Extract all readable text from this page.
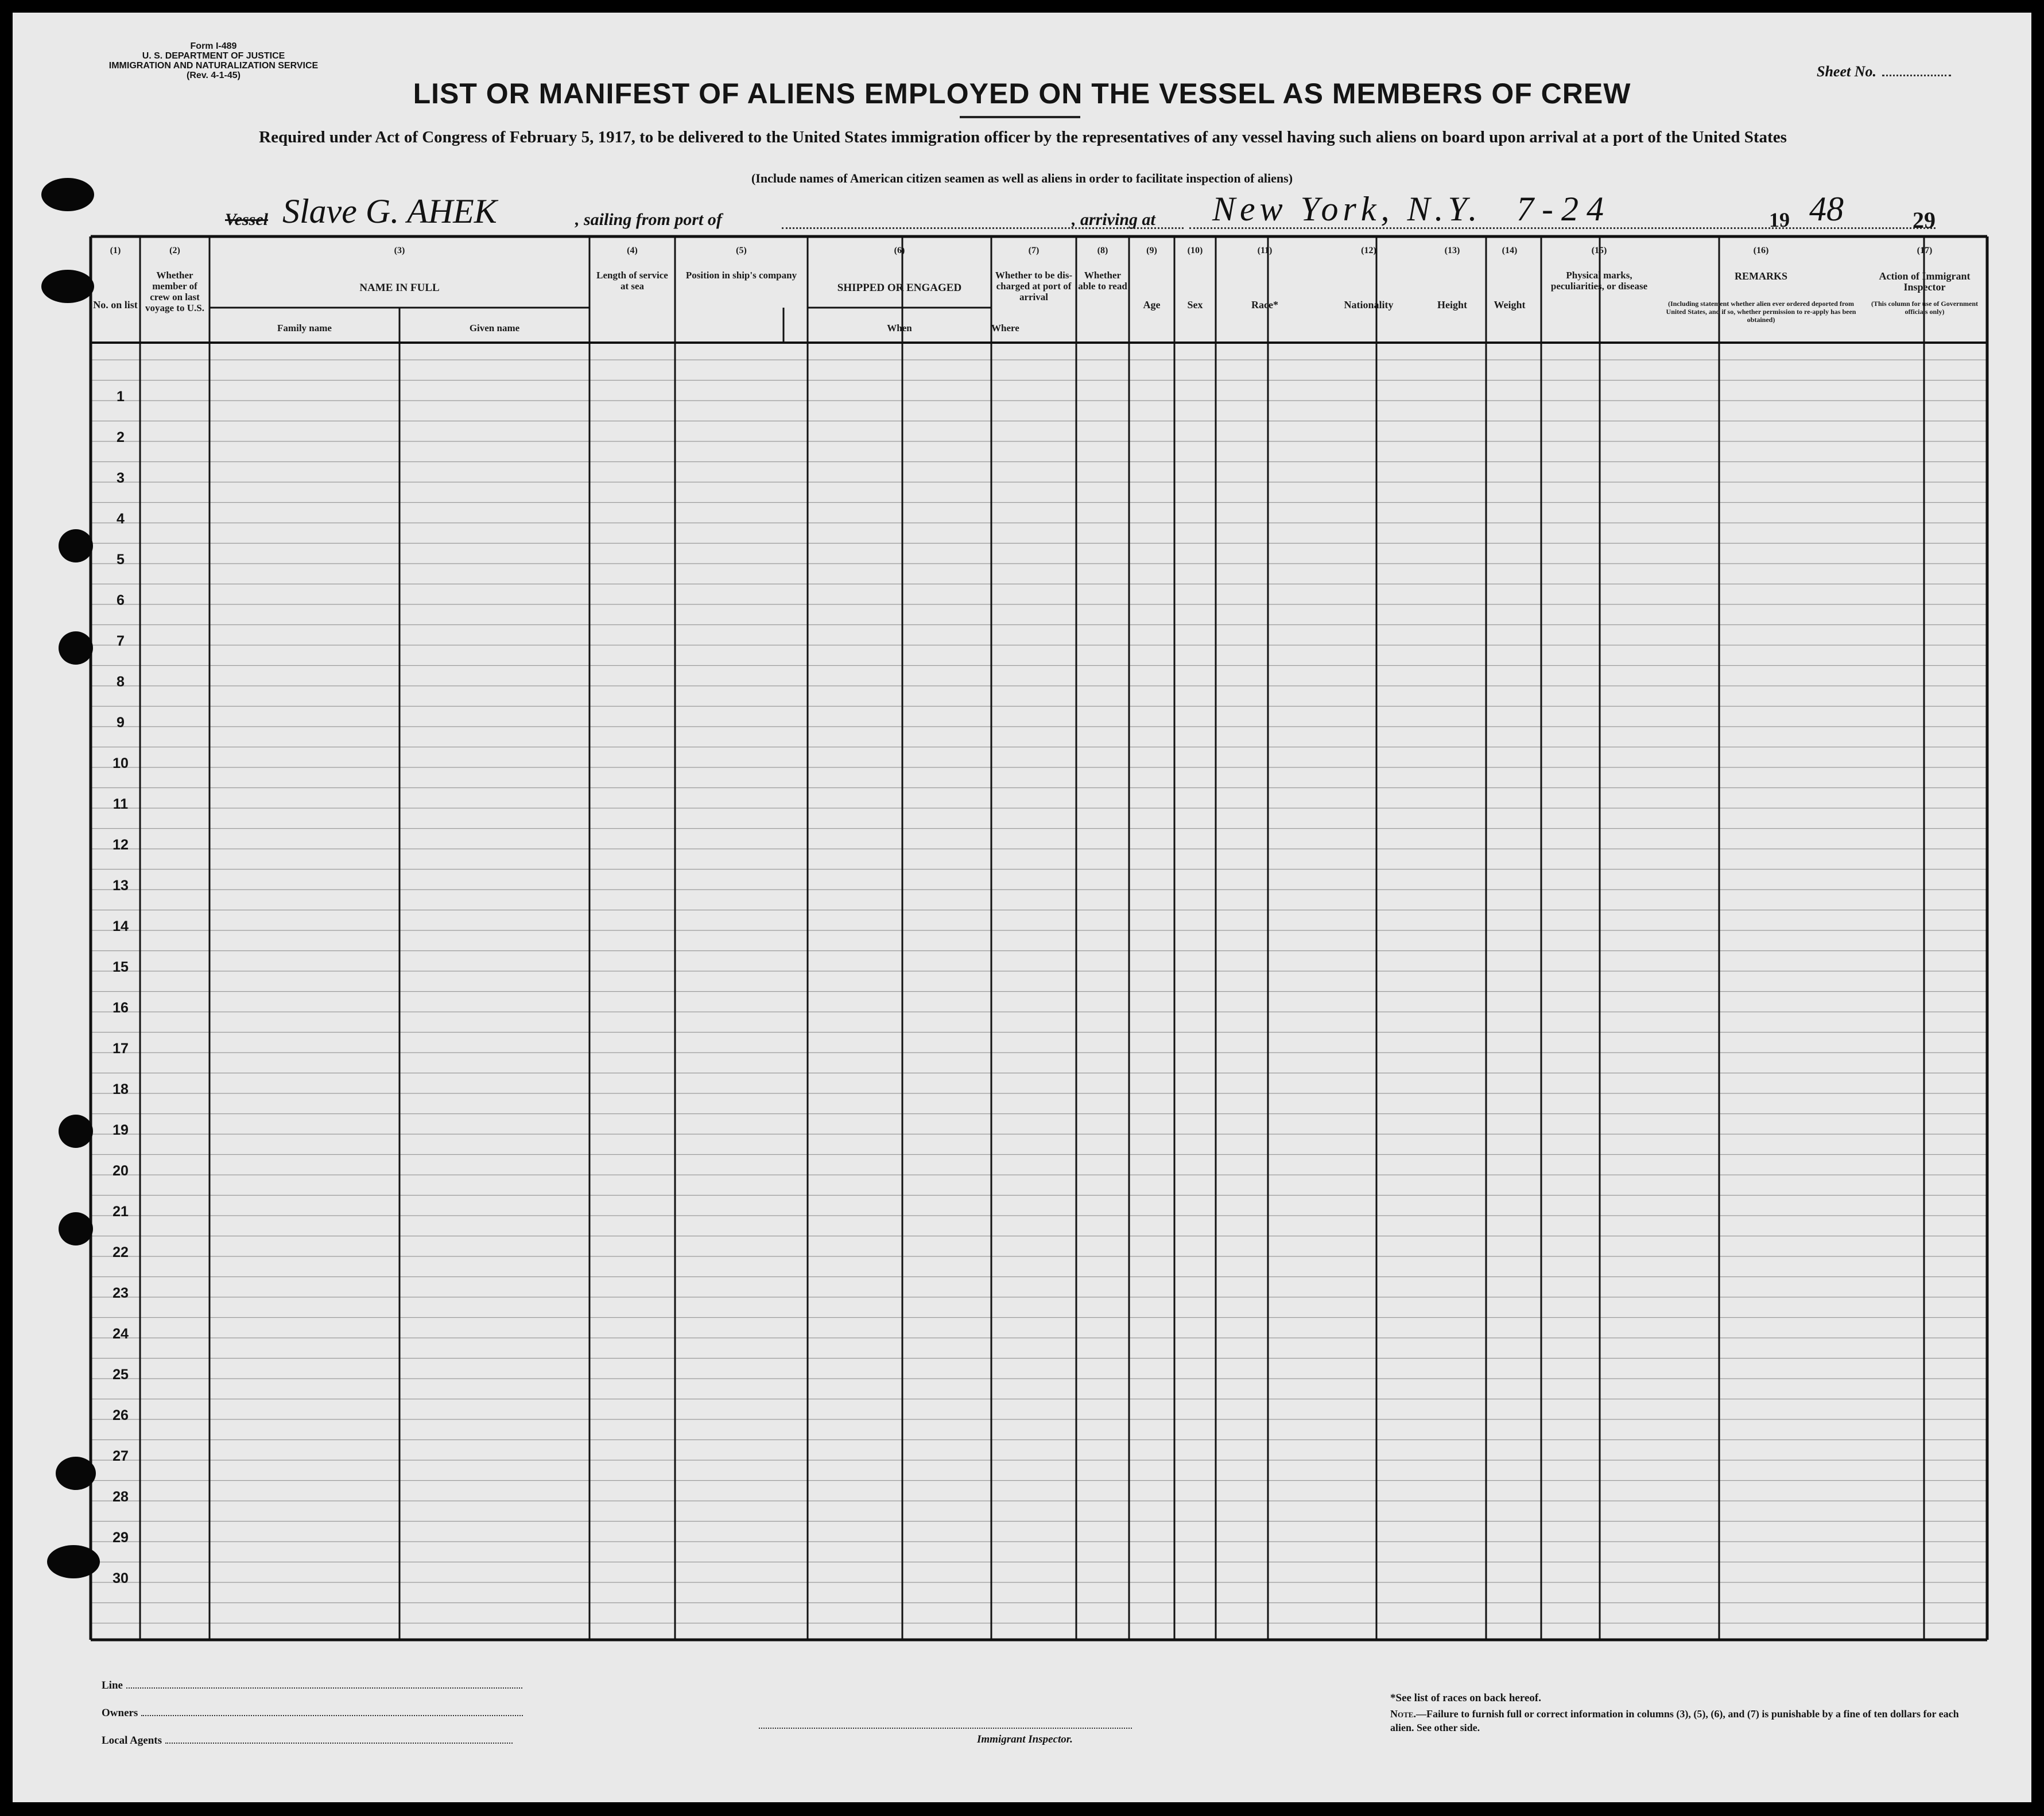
Form I-489
U. S. DEPARTMENT OF JUSTICE
IMMIGRATION AND NATURALIZATION SERVICE
(Rev. 4-1-45)	Sheet No.
LIST OR MANIFEST OF ALIENS EMPLOYED ON THE VESSEL AS MEMBERS OF CREW
Required under Act of Congress of February 5, 1917, to be delivered to the United States immigration officer by the representatives of any vessel having such aliens on board upon arrival at a port of the United States
(Include names of American citizen seamen as well as aliens in order to facilitate inspection of aliens)
Vessel Slave G. AHEK	, sailing from port of	, arriving at New York, N.Y. 7-24	19 48	29
(1)
No. on list
(2)
Whether member of crew on last voyage to U.S.
(3)
NAME IN FULL
Family name	Given name
(4)
Length of service at sea
(5)
Position in ship's company
(6)
SHIPPED OR ENGAGED
When	Where
(7)
Whether to be dis-charged at port of arrival
(8)
Whether able to read
(9)
Age
(10)
Sex
(11)
Race*
(12)
Nationality
(13)
Height
(14)
Weight
(15)
Physical marks, peculiarities, or disease
(16)
REMARKS
(Including statement whether alien ever ordered deported from United States, and if so, whether permission to re-apply has been obtained)
(17)
Action of Immigrant Inspector
(This column for use of Government officials only)
1
2
3
4
5
6
7
8
9
10
11
12
13
14
15
16
17
18
19
20
21
22
23
24
25
26
27
28
29
30
Line
Owners
Local Agents	Immigrant Inspector.
*See list of races on back hereof.
Note.—Failure to furnish full or correct information in columns (3), (5), (6), and (7) is punishable by a fine of ten dollars for each alien. See other side.
